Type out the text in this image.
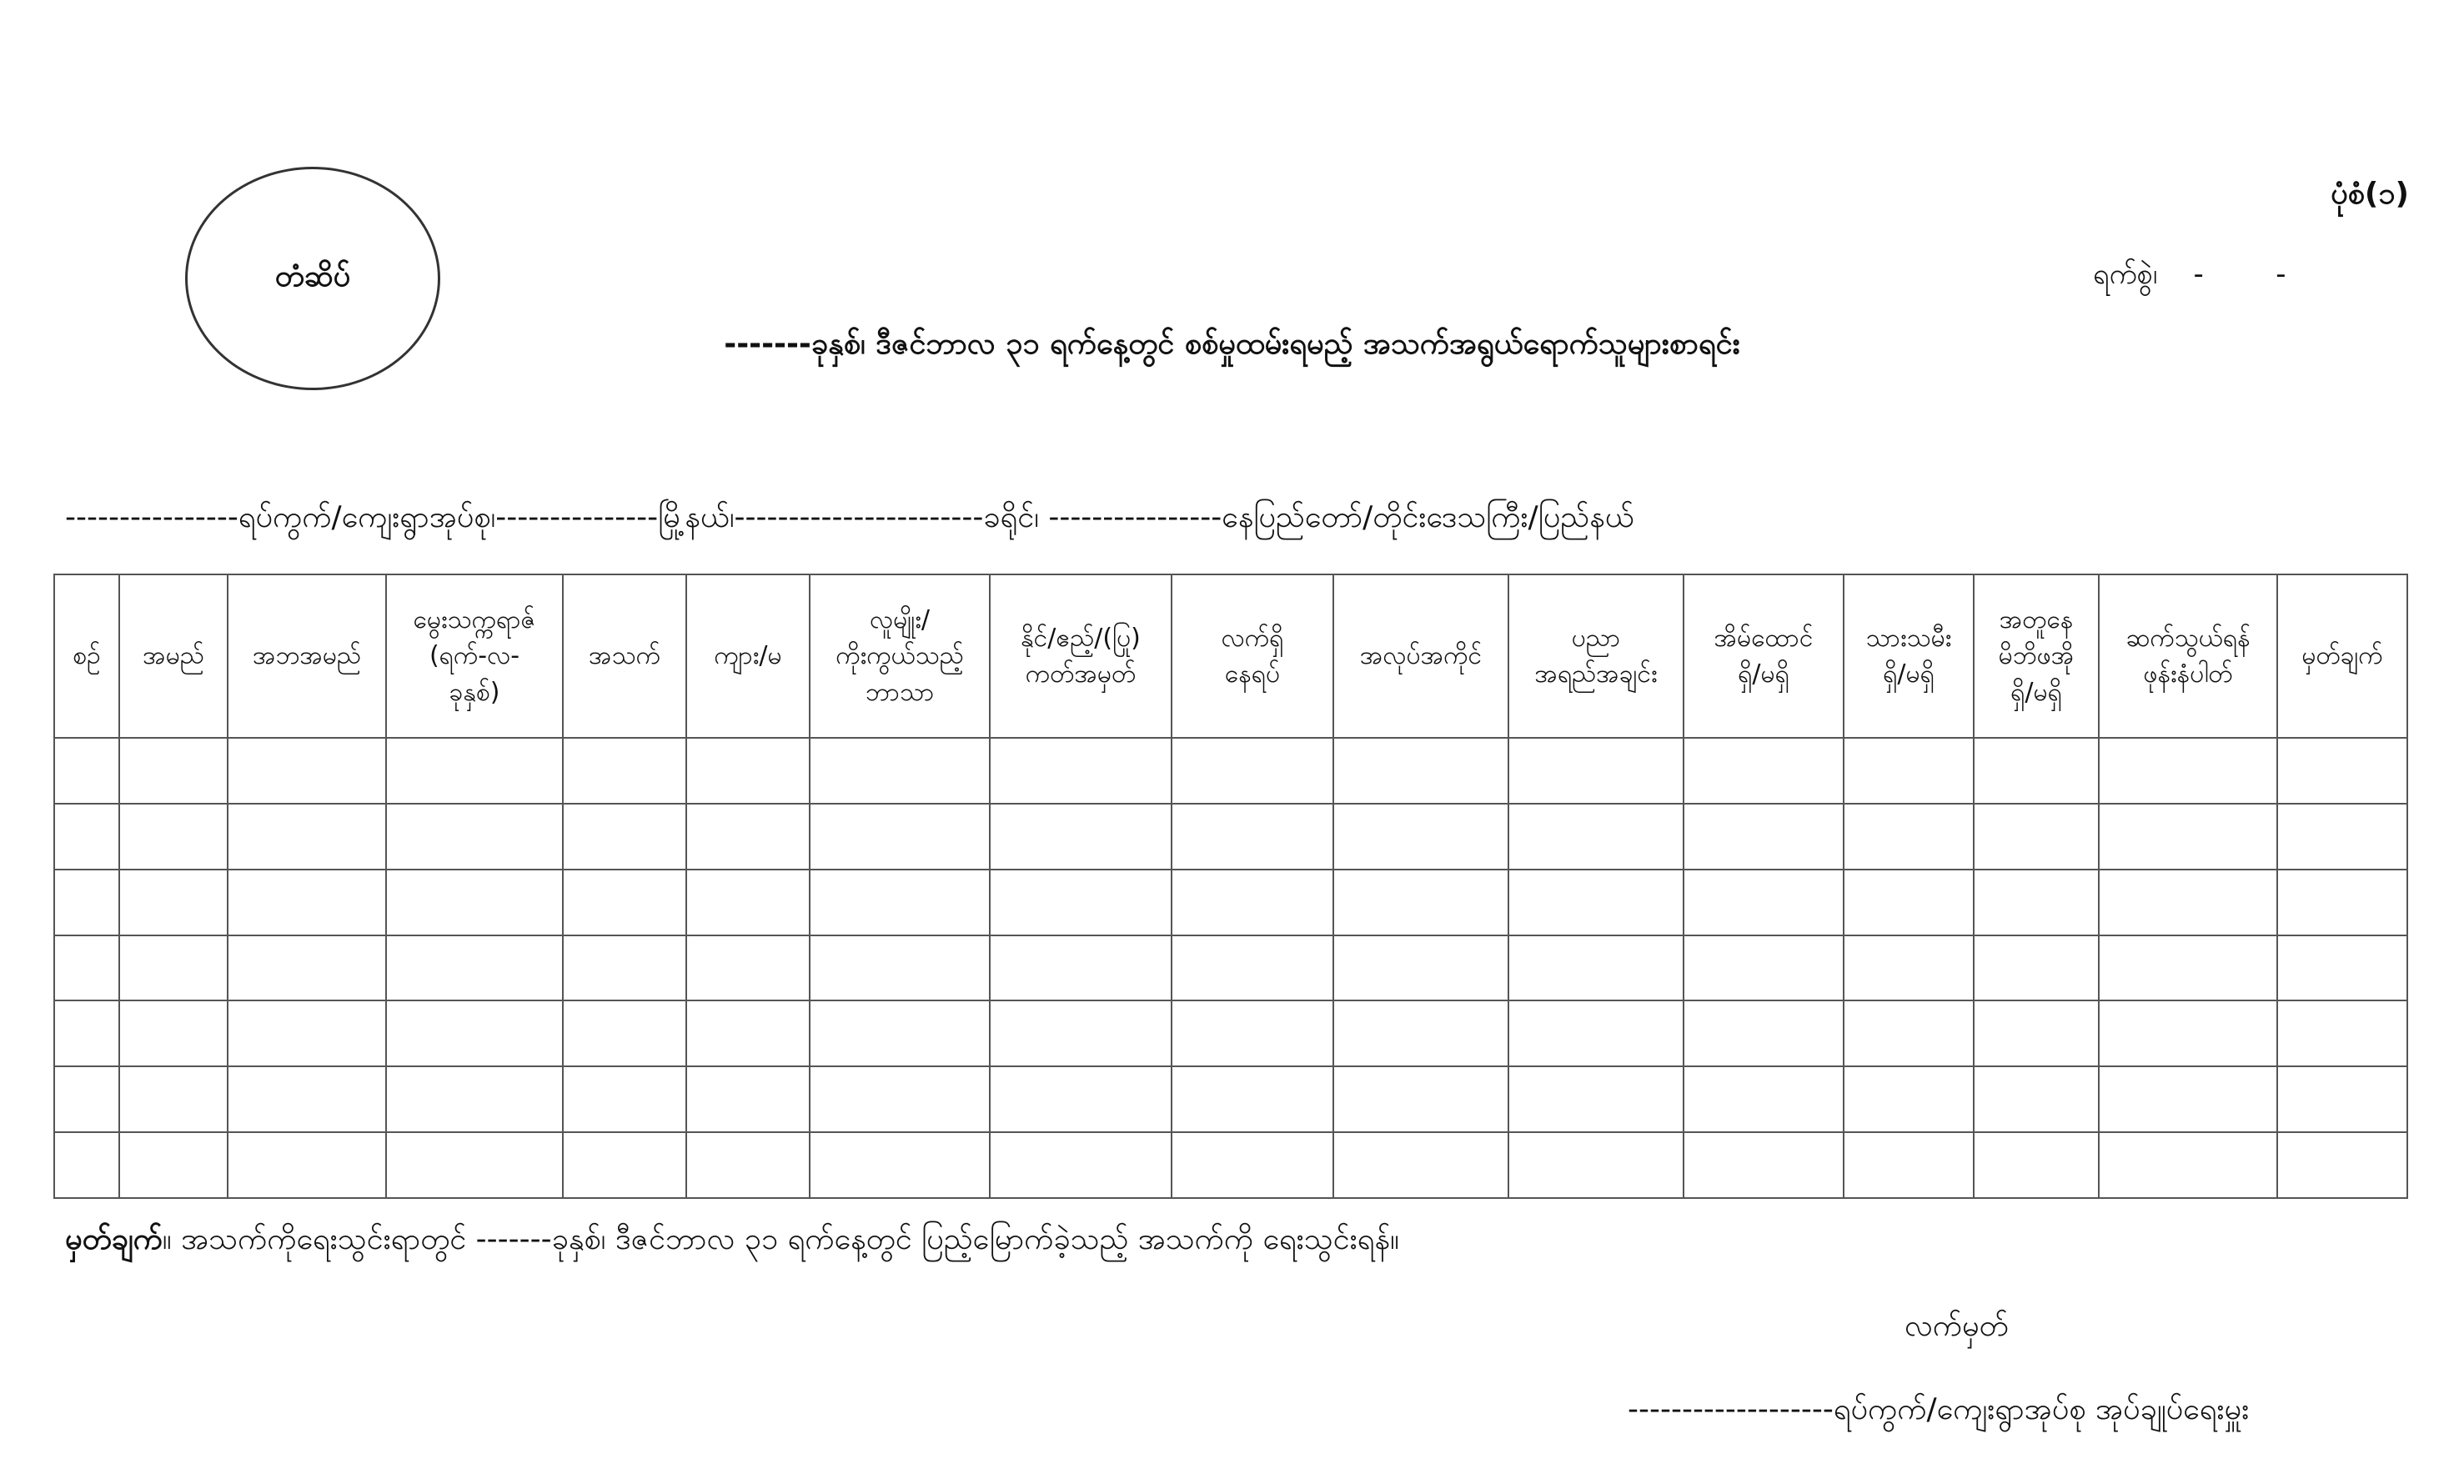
တံဆိပ်
ပုံစံ(၁)
ရက်စွဲ၊    -        -
-------ခုနှစ်၊ ဒီဇင်ဘာလ ၃၁ ရက်နေ့တွင် စစ်မှုထမ်းရမည့် အသက်အရွယ်ရောက်သူများစာရင်း
----------------ရပ်ကွက်/ကျေးရွာအုပ်စု၊---------------မြို့နယ်၊-----------------------ခရိုင်၊ ----------------နေပြည်တော်/တိုင်းဒေသကြီး/ပြည်နယ်
စဉ်	အမည်	အဘအမည်	မွေးသက္ကရာဇ်
(ရက်-လ-
ခုနှစ်)	အသက်	ကျား/မ	လူမျိုး/
ကိုးကွယ်သည့်
ဘာသာ	နိုင်/ဧည့်/(ပြု)
ကတ်အမှတ်	လက်ရှိ
နေရပ်	အလုပ်အကိုင်	ပညာ
အရည်အချင်း	အိမ်ထောင်
ရှိ/မရှိ	သားသမီး
ရှိ/မရှိ	အတူနေ
မိဘိဖအို
ရှိ/မရှိ	ဆက်သွယ်ရန်
ဖုန်းနံပါတ်	မှတ်ချက်

မှတ်ချက်။ အသက်ကိုရေးသွင်းရာတွင် -------ခုနှစ်၊ ဒီဇင်ဘာလ ၃၁ ရက်နေ့တွင် ပြည့်မြောက်ခဲ့သည့် အသက်ကို ရေးသွင်းရန်။
လက်မှတ်
-------------------ရပ်ကွက်/ကျေးရွာအုပ်စု အုပ်ချုပ်ရေးမှူး
